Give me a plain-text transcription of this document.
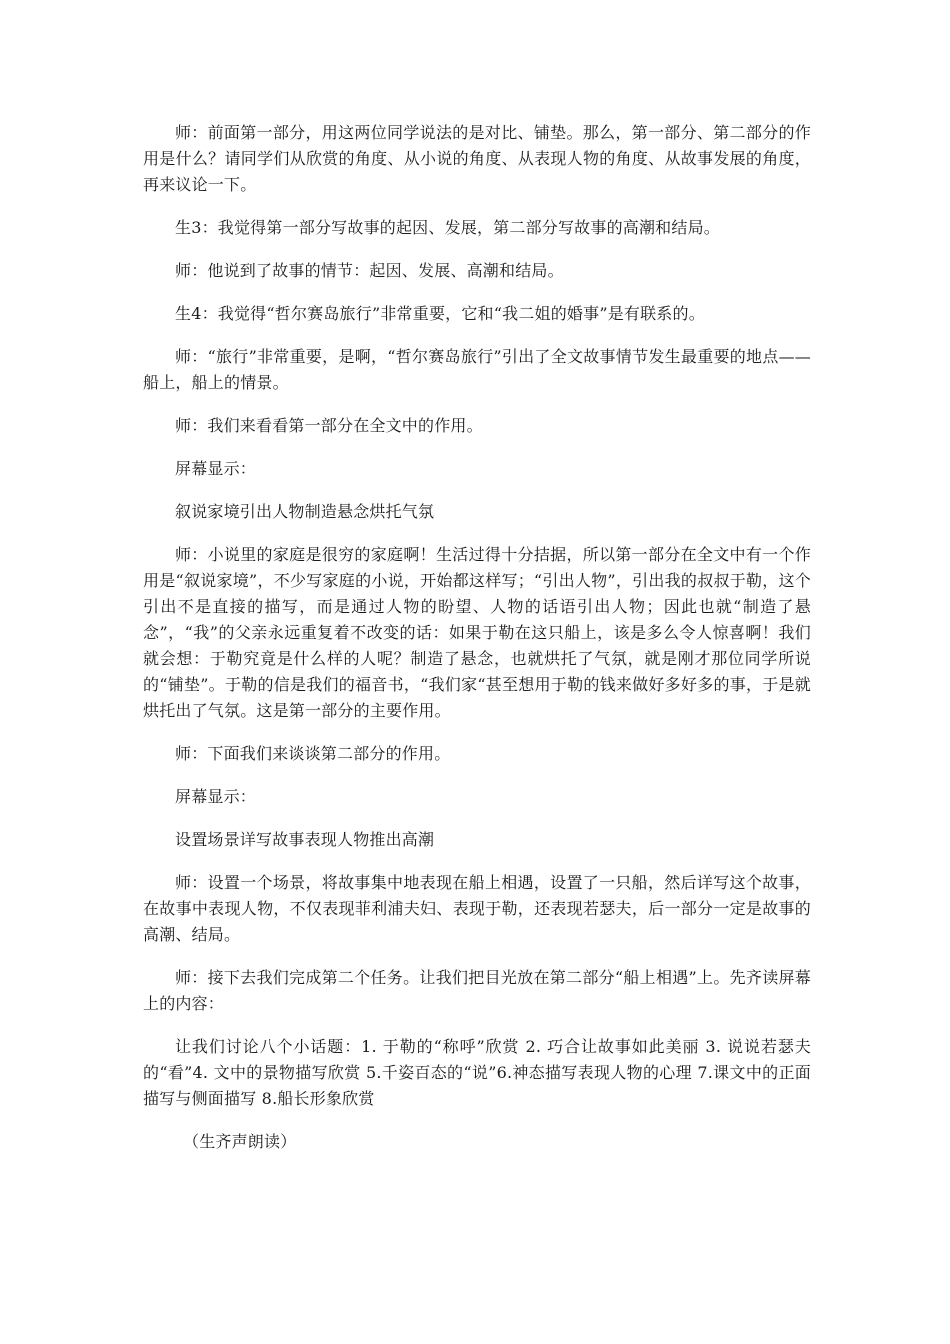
师：前面第一部分，用这两位同学说法的是对比、铺垫。那么，第一部分、第二部分的作用是什么？请同学们从欣赏的角度、从小说的角度、从表现人物的角度、从故事发展的角度，再来议论一下。

生3：我觉得第一部分写故事的起因、发展，第二部分写故事的高潮和结局。

师：他说到了故事的情节：起因、发展、高潮和结局。

生4：我觉得“哲尔赛岛旅行”非常重要，它和“我二姐的婚事”是有联系的。

师：“旅行”非常重要，是啊，“哲尔赛岛旅行”引出了全文故事情节发生最重要的地点——船上，船上的情景。

师：我们来看看第一部分在全文中的作用。

屏幕显示：

叙说家境引出人物制造悬念烘托气氛

师：小说里的家庭是很穷的家庭啊！生活过得十分拮据，所以第一部分在全文中有一个作用是“叙说家境”，不少写家庭的小说，开始都这样写；“引出人物”，引出我的叔叔于勒，这个引出不是直接的描写，而是通过人物的盼望、人物的话语引出人物；因此也就“制造了悬念”，“我”的父亲永远重复着不改变的话：如果于勒在这只船上，该是多么令人惊喜啊！我们就会想：于勒究竟是什么样的人呢？制造了悬念，也就烘托了气氛，就是刚才那位同学所说的“铺垫”。于勒的信是我们的福音书，“我们家“甚至想用于勒的钱来做好多好多的事，于是就烘托出了气氛。这是第一部分的主要作用。

师：下面我们来谈谈第二部分的作用。

屏幕显示：

设置场景详写故事表现人物推出高潮

师：设置一个场景，将故事集中地表现在船上相遇，设置了一只船，然后详写这个故事，在故事中表现人物，不仅表现菲利浦夫妇、表现于勒，还表现若瑟夫，后一部分一定是故事的高潮、结局。

师：接下去我们完成第二个任务。让我们把目光放在第二部分“船上相遇”上。先齐读屏幕上的内容：

让我们讨论八个小话题：1. 于勒的“称呼”欣赏 2. 巧合让故事如此美丽 3. 说说若瑟夫的“看”4. 文中的景物描写欣赏 5.千姿百态的“说”6.神态描写表现人物的心理 7.课文中的正面描写与侧面描写 8.船长形象欣赏

（生齐声朗读）
